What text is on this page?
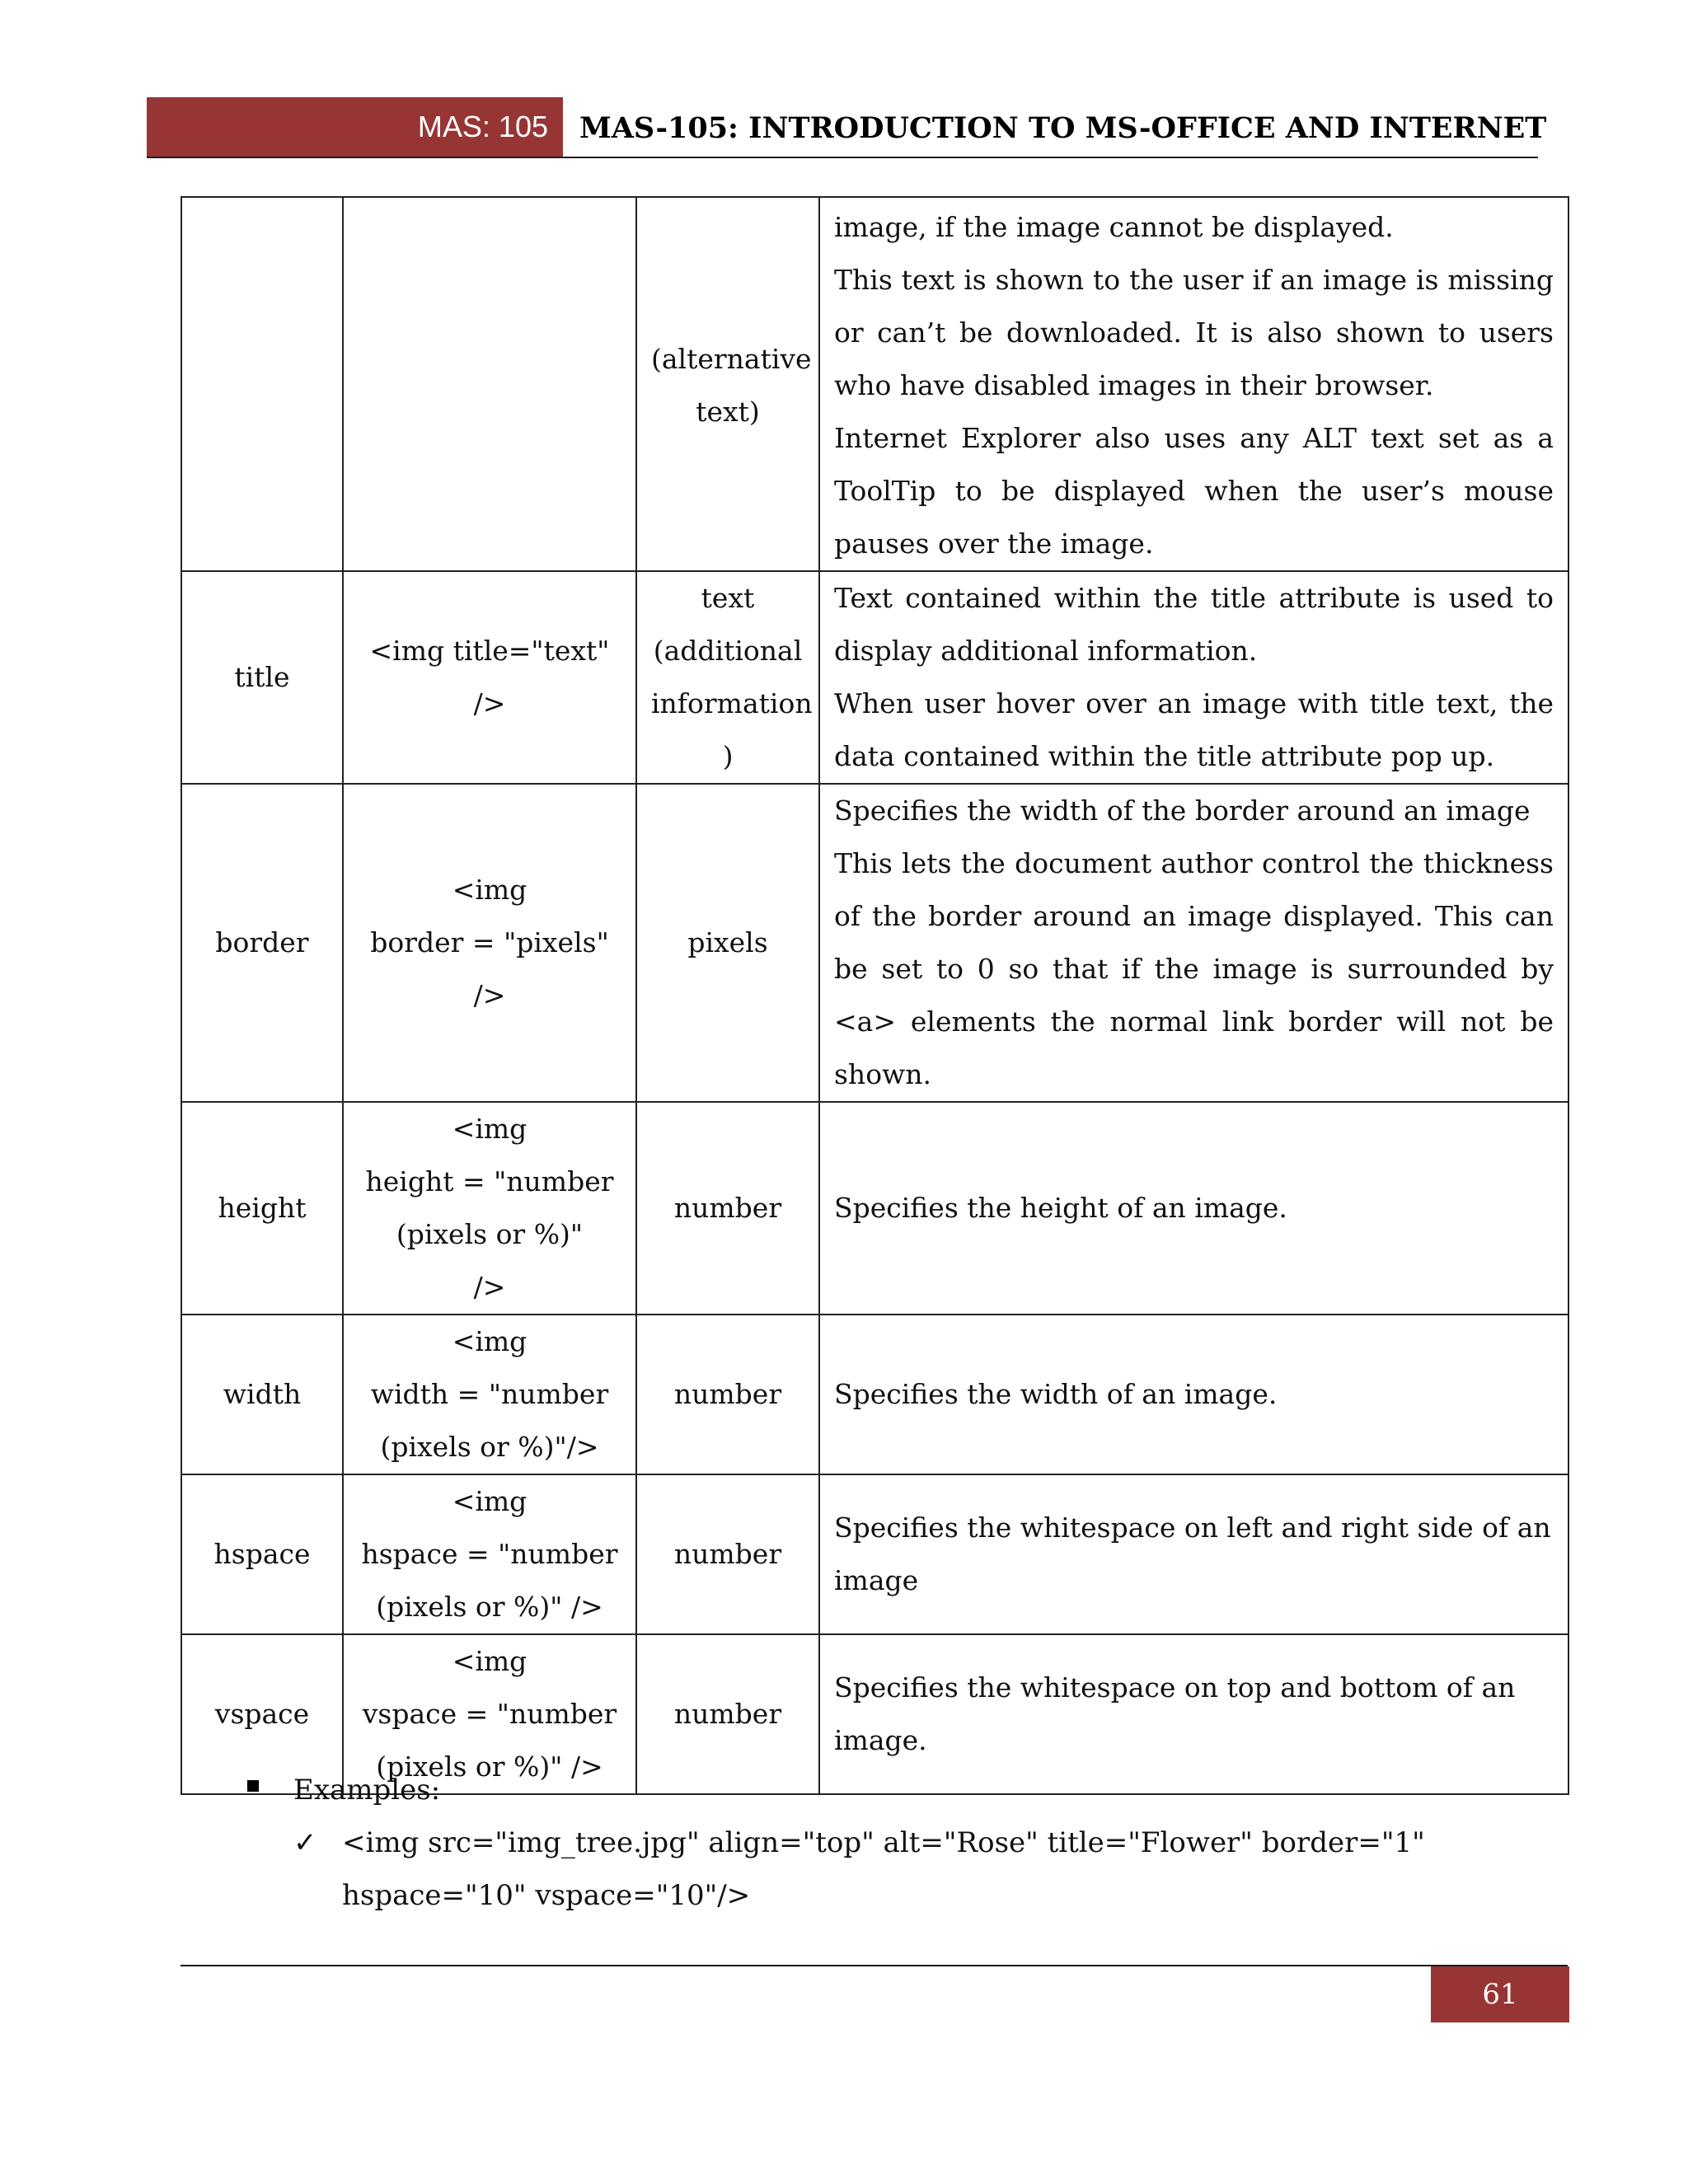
MAS: 105 MAS-105: INTRODUCTION TO MS-OFFICE AND INTERNET

		(alternative
text)	image, if the image cannot be displayed.
This text is shown to the user if an image is missing or can’t be downloaded. It is also shown to users who have disabled images in their browser.
Internet Explorer also uses any ALT text set as a ToolTip to be displayed when the user’s mouse pauses over the image.

title	<img title="text" />	text
(additional
information
)	Text contained within the title attribute is used to display additional information.
When user hover over an image with title text, the data contained within the title attribute pop up.

border	<img
border = "pixels" />	pixels	Specifies the width of the border around an image
This lets the document author control the thickness of the border around an image displayed. This can be set to 0 so that if the image is surrounded by <a> elements the normal link border will not be shown.

height	<img
height = "number
(pixels or %)"
/>	number	Specifies the height of an image.

width	<img
width = "number
(pixels or %)"/>	number	Specifies the width of an image.

hspace	<img
hspace = "number
(pixels or %)" />	number	Specifies the whitespace on left and right side of an image

vspace	<img
vspace = "number
(pixels or %)" />	number	Specifies the whitespace on top and bottom of an image.
Examples:
✓ <img src="img_tree.jpg" align="top" alt="Rose" title="Flower" border="1" hspace="10" vspace="10"/>
61
